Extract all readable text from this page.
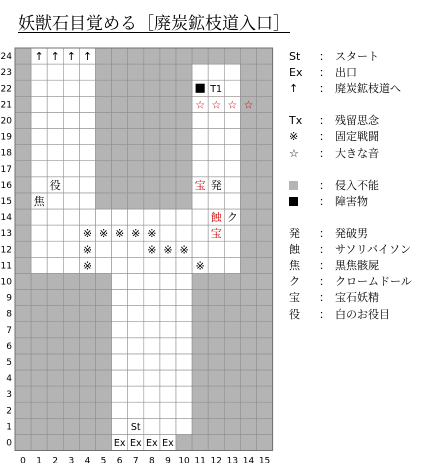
妖獣石目覚める［廃炭鉱枝道入口］
24
23
22
21
20
19
18
17
16
15
14
13
12
11
10
9
8
7
6
5
4
3
2
1
0
0 1 2 3 4 5 6 7 8 9 10 11 12 13 14 15
↑ ↑ ↑ ↑
T1
☆ ☆ ☆ ☆
役	宝 発
焦
蝕 ク
※ ※ ※ ※ ※	宝
※	※ ※ ※
※	※
St
Ex Ex Ex Ex
St	： スタート
Ex	： 出口
↑	： 廃炭鉱枝道へ
Tx	： 残留思念
※	： 固定戦闘
☆	： 大きな音
： 侵入不能
： 障害物
発	： 発破男
蝕	： サソリバイソン
焦	： 黒焦骸屍
ク	： クロームドール
宝	： 宝石妖精
役	： 白のお役目
